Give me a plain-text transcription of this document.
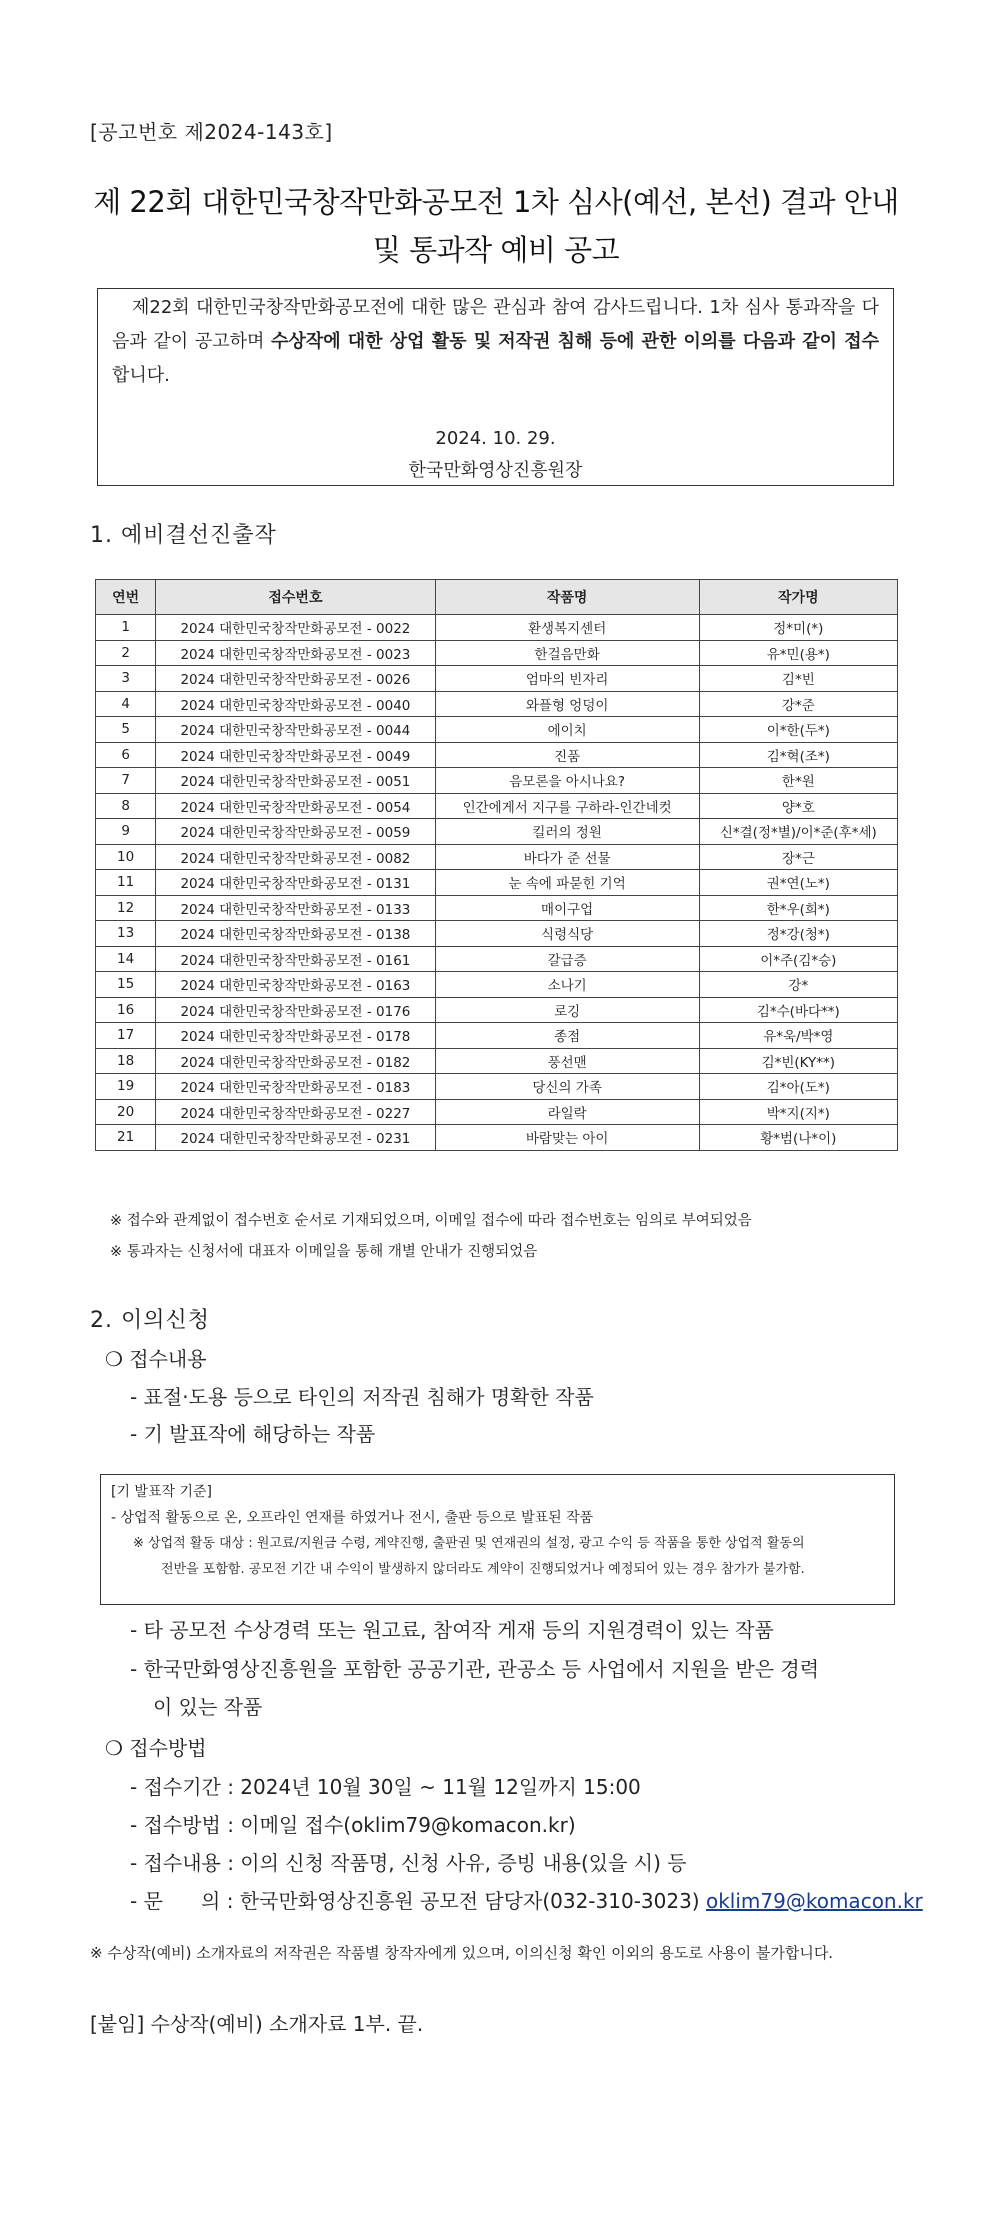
[공고번호 제2024-143호]
제 22회 대한민국창작만화공모전 1차 심사(예선, 본선) 결과 안내
및 통과작 예비 공고
제22회 대한민국창작만화공모전에 대한 많은 관심과 참여 감사드립니다. 1차 심사 통과작을 다음과 같이 공고하며 수상작에 대한 상업 활동 및 저작권 침해 등에 관한 이의를 다음과 같이 접수합니다.
2024. 10. 29.
한국만화영상진흥원장
1. 예비결선진출작
연번	접수번호	작품명	작가명
1	2024 대한민국창작만화공모전 - 0022	환생복지센터	정*미(*)
2	2024 대한민국창작만화공모전 - 0023	한걸음만화	유*민(용*)
3	2024 대한민국창작만화공모전 - 0026	엄마의 빈자리	김*빈
4	2024 대한민국창작만화공모전 - 0040	와플형 엉덩이	강*준
5	2024 대한민국창작만화공모전 - 0044	에이치	이*한(두*)
6	2024 대한민국창작만화공모전 - 0049	진품	김*혁(조*)
7	2024 대한민국창작만화공모전 - 0051	음모론을 아시나요?	한*원
8	2024 대한민국창작만화공모전 - 0054	인간에게서 지구를 구하라-인간네컷	양*호
9	2024 대한민국창작만화공모전 - 0059	킬러의 정원	신*결(정*별)/이*준(후*세)
10	2024 대한민국창작만화공모전 - 0082	바다가 준 선물	장*근
11	2024 대한민국창작만화공모전 - 0131	눈 속에 파묻힌 기억	권*연(노*)
12	2024 대한민국창작만화공모전 - 0133	매이구업	한*우(희*)
13	2024 대한민국창작만화공모전 - 0138	식령식당	정*강(청*)
14	2024 대한민국창작만화공모전 - 0161	갈급증	이*주(김*승)
15	2024 대한민국창작만화공모전 - 0163	소나기	강*
16	2024 대한민국창작만화공모전 - 0176	로깅	김*수(바다**)
17	2024 대한민국창작만화공모전 - 0178	종점	유*욱/박*영
18	2024 대한민국창작만화공모전 - 0182	풍선맨	김*빈(KY**)
19	2024 대한민국창작만화공모전 - 0183	당신의 가족	김*아(도*)
20	2024 대한민국창작만화공모전 - 0227	라일락	박*지(지*)
21	2024 대한민국창작만화공모전 - 0231	바람맞는 아이	황*범(나*이)
※ 접수와 관계없이 접수번호 순서로 기재되었으며, 이메일 접수에 따라 접수번호는 임의로 부여되었음
※ 통과자는 신청서에 대표자 이메일을 통해 개별 안내가 진행되었음
2. 이의신청
❍ 접수내용
- 표절·도용 등으로 타인의 저작권 침해가 명확한 작품
- 기 발표작에 해당하는 작품
[기 발표작 기준]
- 상업적 활동으로 온, 오프라인 연재를 하였거나 전시, 출판 등으로 발표된 작품
※ 상업적 활동 대상 : 원고료/지원금 수령, 계약진행, 출판권 및 연재권의 설정, 광고 수익 등 작품을 통한 상업적 활동의
전반을 포함함. 공모전 기간 내 수익이 발생하지 않더라도 계약이 진행되었거나 예정되어 있는 경우 참가가 불가함.
- 타 공모전 수상경력 또는 원고료, 참여작 게재 등의 지원경력이 있는 작품
- 한국만화영상진흥원을 포함한 공공기관, 관공소 등 사업에서 지원을 받은 경력
이 있는 작품
❍ 접수방법
- 접수기간 : 2024년 10월 30일 ~ 11월 12일까지 15:00
- 접수방법 : 이메일 접수(oklim79@komacon.kr)
- 접수내용 : 이의 신청 작품명, 신청 사유, 증빙 내용(있을 시) 등
- 문      의 : 한국만화영상진흥원 공모전 담당자(032-310-3023) oklim79@komacon.kr
※ 수상작(예비) 소개자료의 저작권은 작품별 창작자에게 있으며, 이의신청 확인 이외의 용도로 사용이 불가합니다.
[붙임] 수상작(예비) 소개자료 1부. 끝.
